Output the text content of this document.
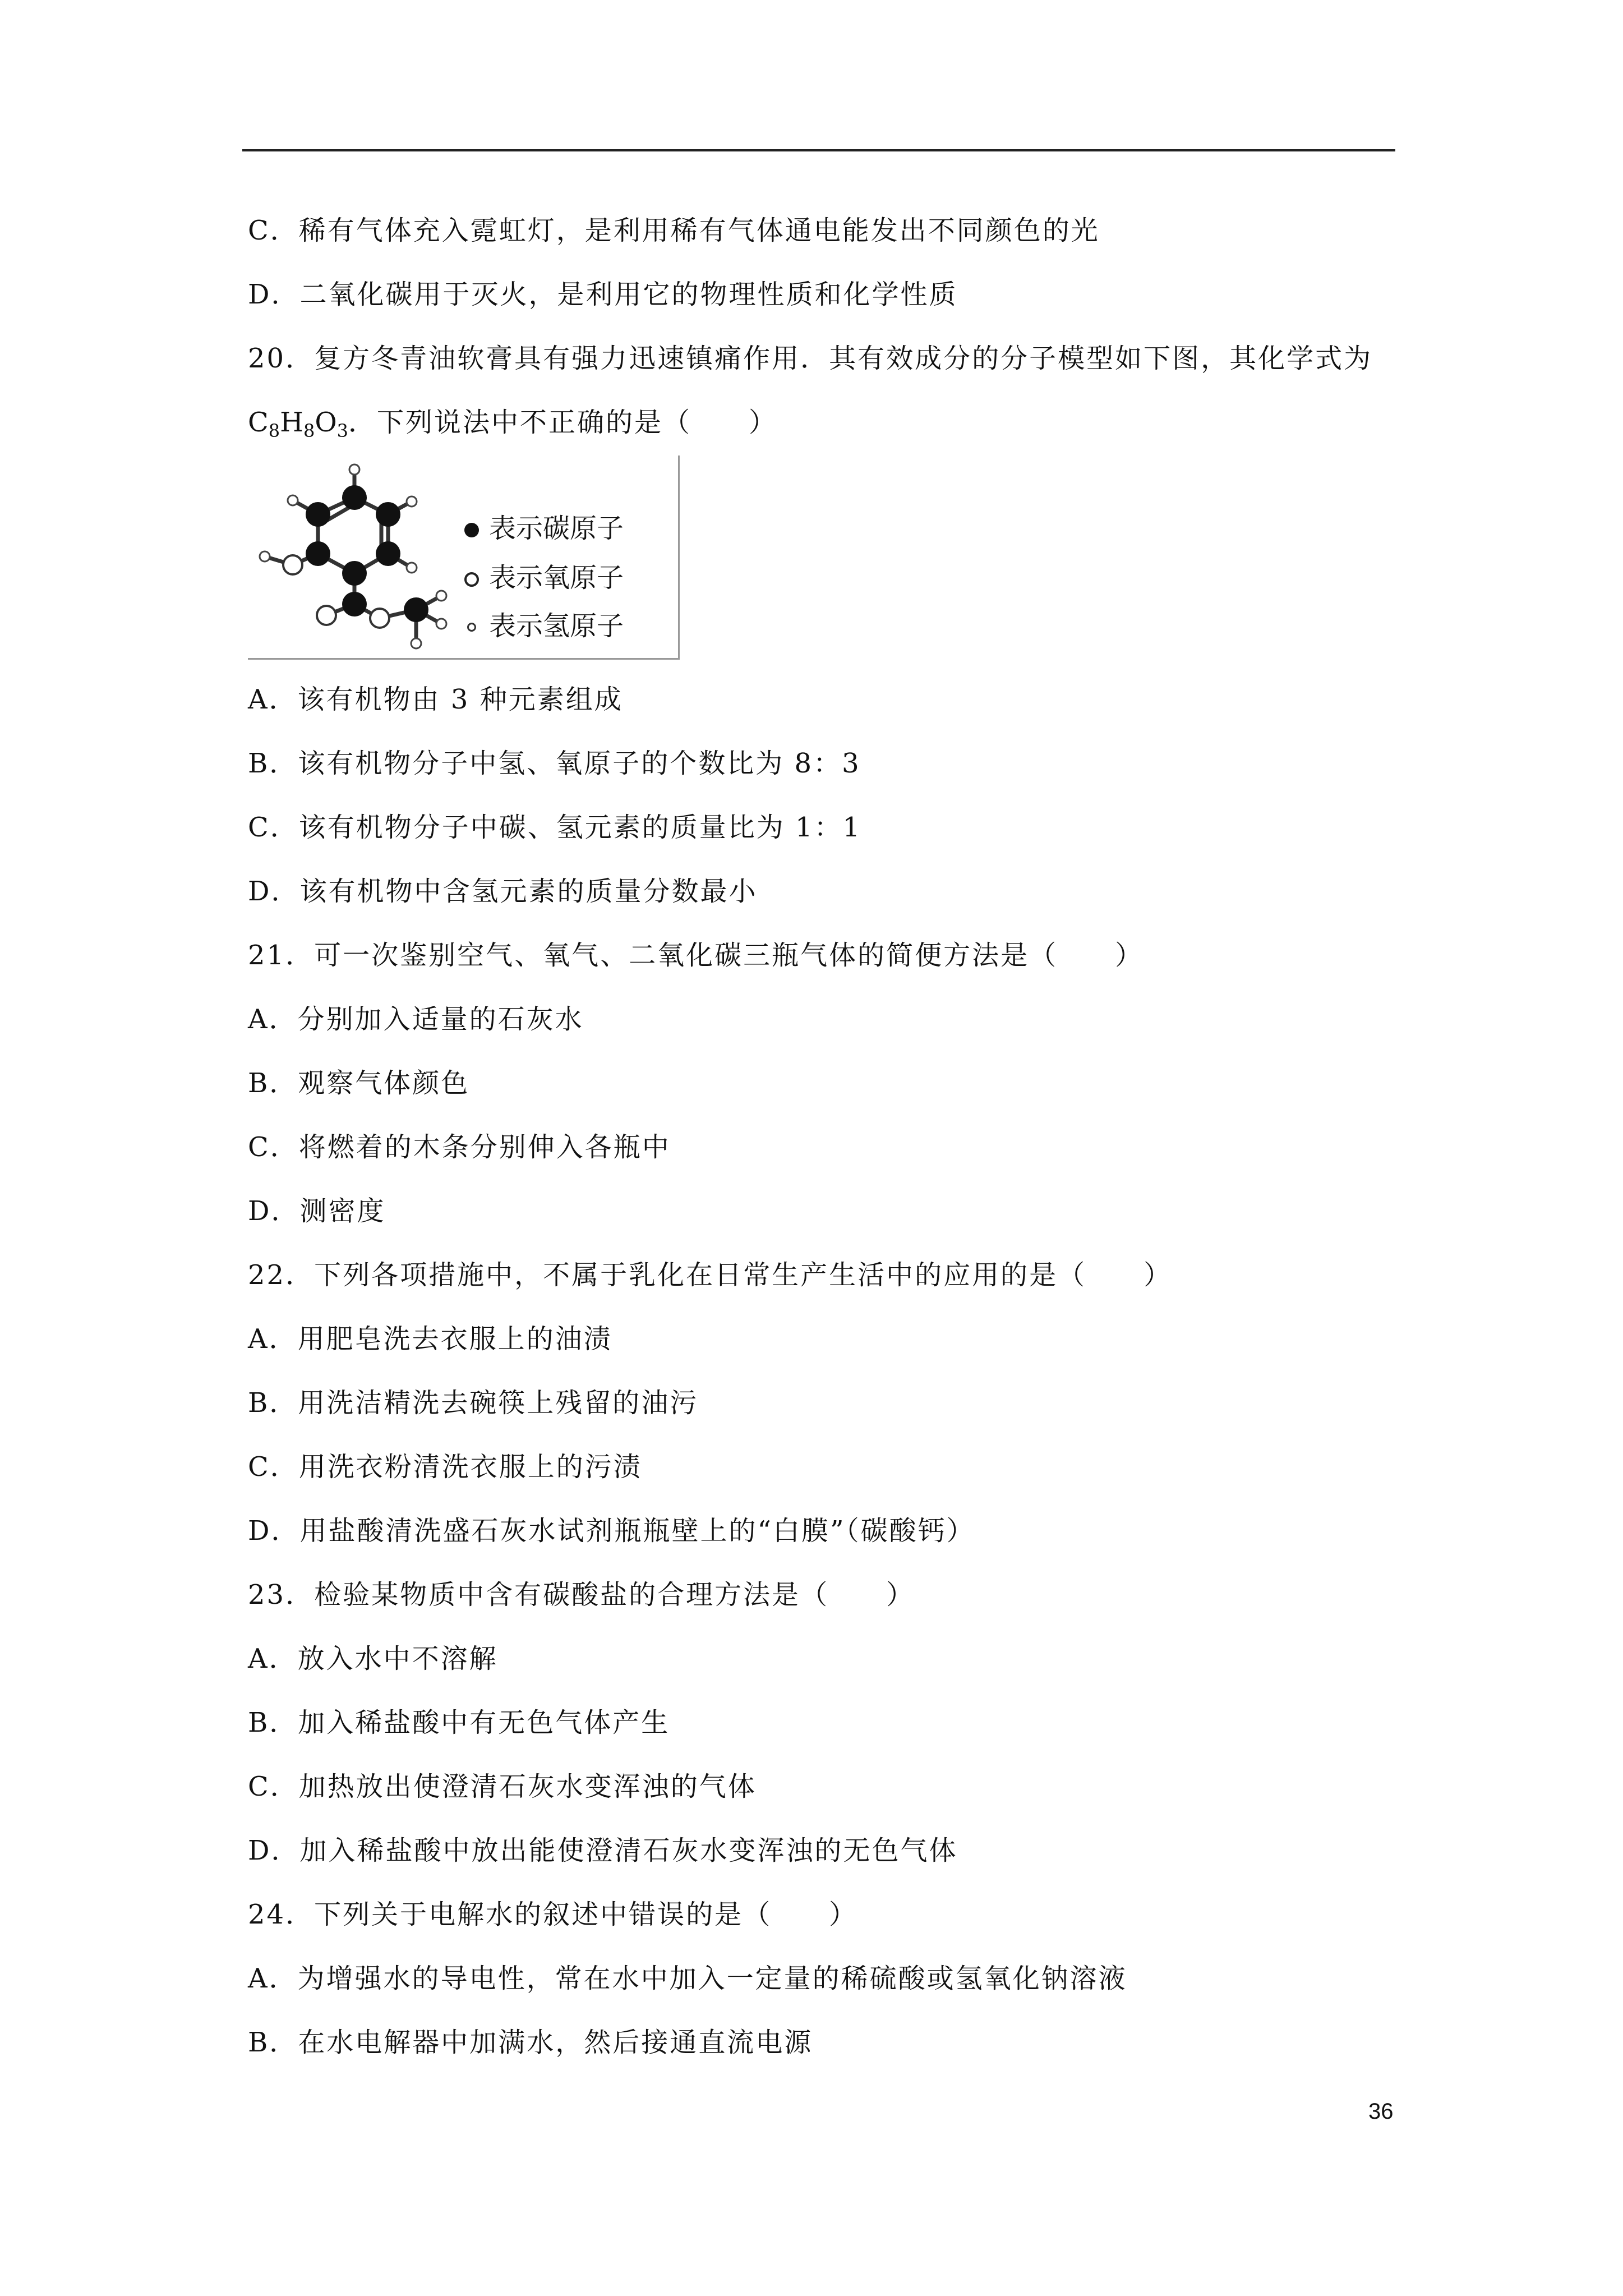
C．稀有气体充入霓虹灯，是利用稀有气体通电能发出不同颜色的光
D．二氧化碳用于灭火，是利用它的物理性质和化学性质
20．复方冬青油软膏具有强力迅速镇痛作用．其有效成分的分子模型如下图，其化学式为
$C_8H_8O_3$．下列说法中不正确的是（　　）
表示碳原子
表示氧原子
表示氢原子
A．该有机物由 3 种元素组成
B．该有机物分子中氢、氧原子的个数比为 8：3
C．该有机物分子中碳、氢元素的质量比为 1：1
D．该有机物中含氢元素的质量分数最小
21．可一次鉴别空气、氧气、二氧化碳三瓶气体的简便方法是（　　）
A．分别加入适量的石灰水
B．观察气体颜色
C．将燃着的木条分别伸入各瓶中
D．测密度
22．下列各项措施中，不属于乳化在日常生产生活中的应用的是（　　）
A．用肥皂洗去衣服上的油渍
B．用洗洁精洗去碗筷上残留的油污
C．用洗衣粉清洗衣服上的污渍
D．用盐酸清洗盛石灰水试剂瓶瓶壁上的“白膜”（碳酸钙）
23．检验某物质中含有碳酸盐的合理方法是（　　）
A．放入水中不溶解
B．加入稀盐酸中有无色气体产生
C．加热放出使澄清石灰水变浑浊的气体
D．加入稀盐酸中放出能使澄清石灰水变浑浊的无色气体
24．下列关于电解水的叙述中错误的是（　　）
A．为增强水的导电性，常在水中加入一定量的稀硫酸或氢氧化钠溶液
B．在水电解器中加满水，然后接通直流电源
36
